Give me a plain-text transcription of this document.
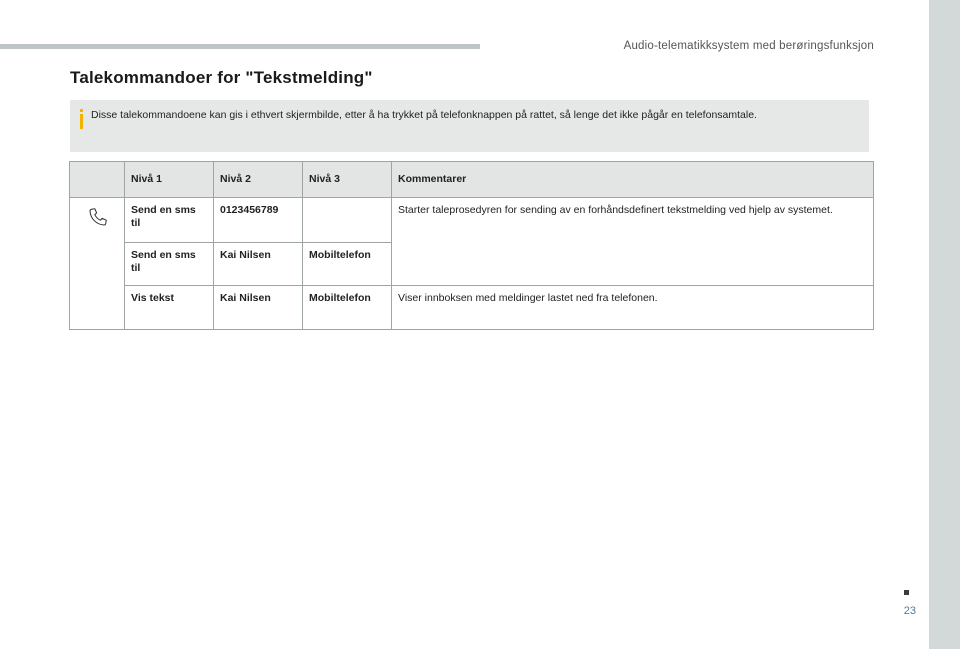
Audio-telematikksystem med berøringsfunksjon
Talekommandoer for "Tekstmelding"
Disse talekommandoene kan gis i ethvert skjermbilde, etter å ha trykket på telefonknappen på rattet, så lenge det ikke pågår en telefonsamtale.
	Nivå 1	Nivå 2	Nivå 3	Kommentarer

	Send en sms til	0123456789		Starter taleprosedyren for sending av en forhåndsdefinert tekstmelding ved hjelp av systemet.
	Send en sms til	Kai Nilsen	Mobiltelefon	
	Vis tekst	Kai Nilsen	Mobiltelefon	Viser innboksen med meldinger lastet ned fra telefonen.
23
